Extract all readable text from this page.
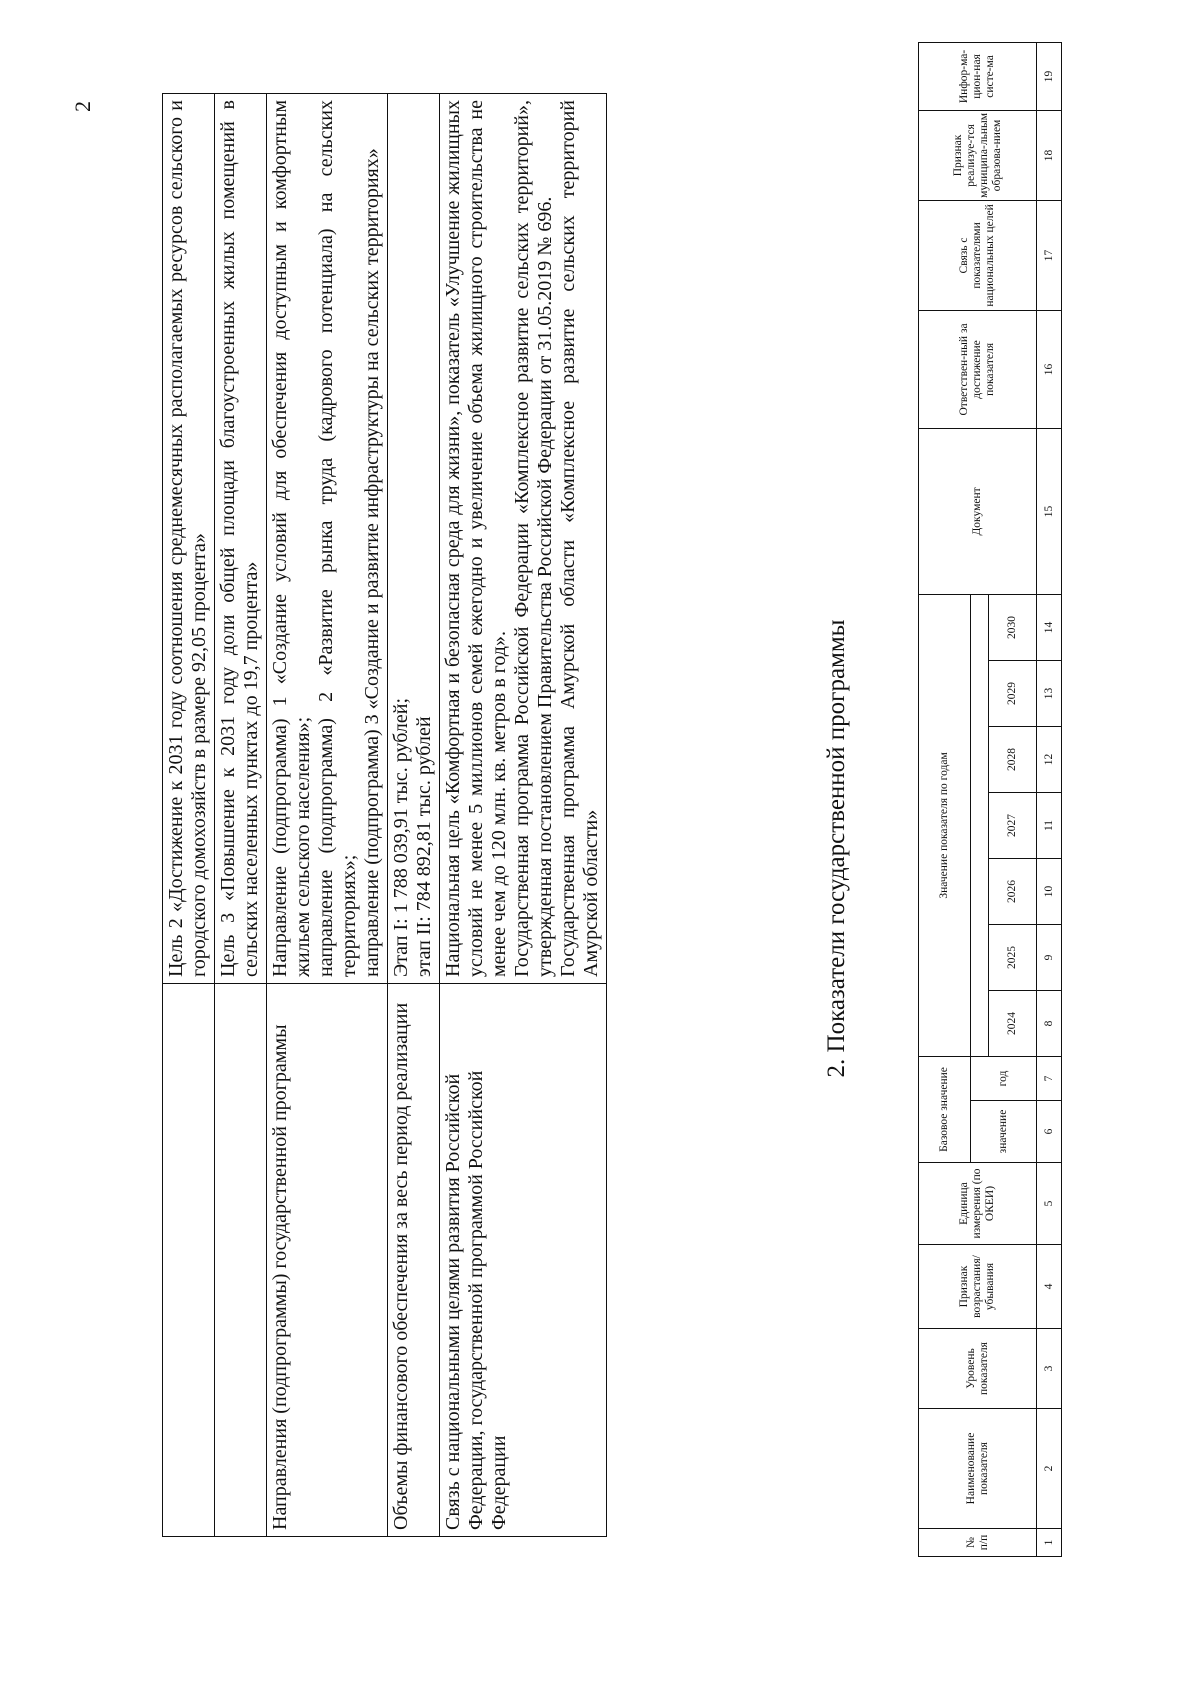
2

	Цель 2 «Достижение к 2031 году соотношения среднемесячных располагаемых ресурсов сельского и городского домохозяйств в размере 92,05 процента»

	Цель 3 «Повышение к 2031 году доли общей площади благоустроенных жилых помещений в сельских населенных пунктах до 19,7 процента»

Направления (подпрограммы) государственной программы	Направление (подпрограмма) 1 «Создание условий для обеспечения доступным и комфортным жильем сельского населения»; направление (подпрограмма) 2 «Развитие рынка труда (кадрового потенциала) на сельских территориях»; направление (подпрограмма) 3 «Создание и развитие инфраструктуры на сельских территориях»

Объемы финансового обеспечения за весь период реализации	Этап I: 1 788 039,91 тыс. рублей; этап II: 784 892,81 тыс. рублей

Связь с национальными целями развития Российской Федерации, государственной программой Российской Федерации	Национальная цель «Комфортная и безопасная среда для жизни», показатель «Улучшение жилищных условий не менее 5 миллионов семей ежегодно и увеличение объема жилищного строительства не менее чем до 120 млн. кв. метров в год». Государственная программа Российской Федерации «Комплексное развитие сельских территорий», утвержденная постановлением Правительства Российской Федерации от 31.05.2019 № 696. Государственная программа Амурской области «Комплексное развитие сельских территорий Амурской области»	2. Показатели государственной программы
№ п/п	Наименование показателя	Уровень показателя	Признак возрастания/ убывания	Единица измерения (по ОКЕИ)	Базовое значение		Значение показателя по годам							Документ	Ответствен-ный за достижение показателя	Связь с показателями национальных целей	Признак реализуе-тся муниципа-льным образова-нием	Инфор-ма-цион-ная систе-ма
					значение	год												
							2024	2025	2026	2027	2028	2029	2030					
1	2	3	4	5	6	7	8	9	10	11	12	13	14	15	16	17	18	19
